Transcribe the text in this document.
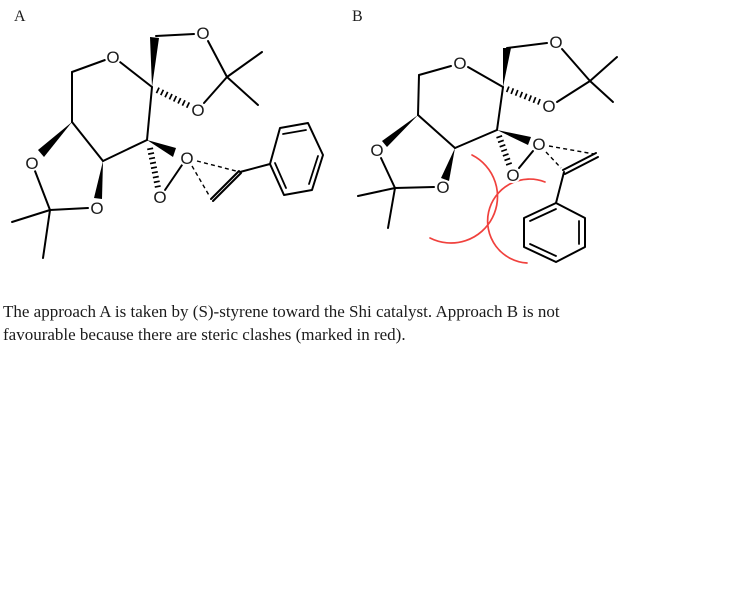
A	B
O
O
O
O
O
O
O
O
O
O
O
O
O
O
The approach A is taken by (S)-styrene toward the Shi catalyst. Approach B is not
favourable because there are steric clashes (marked in red).
